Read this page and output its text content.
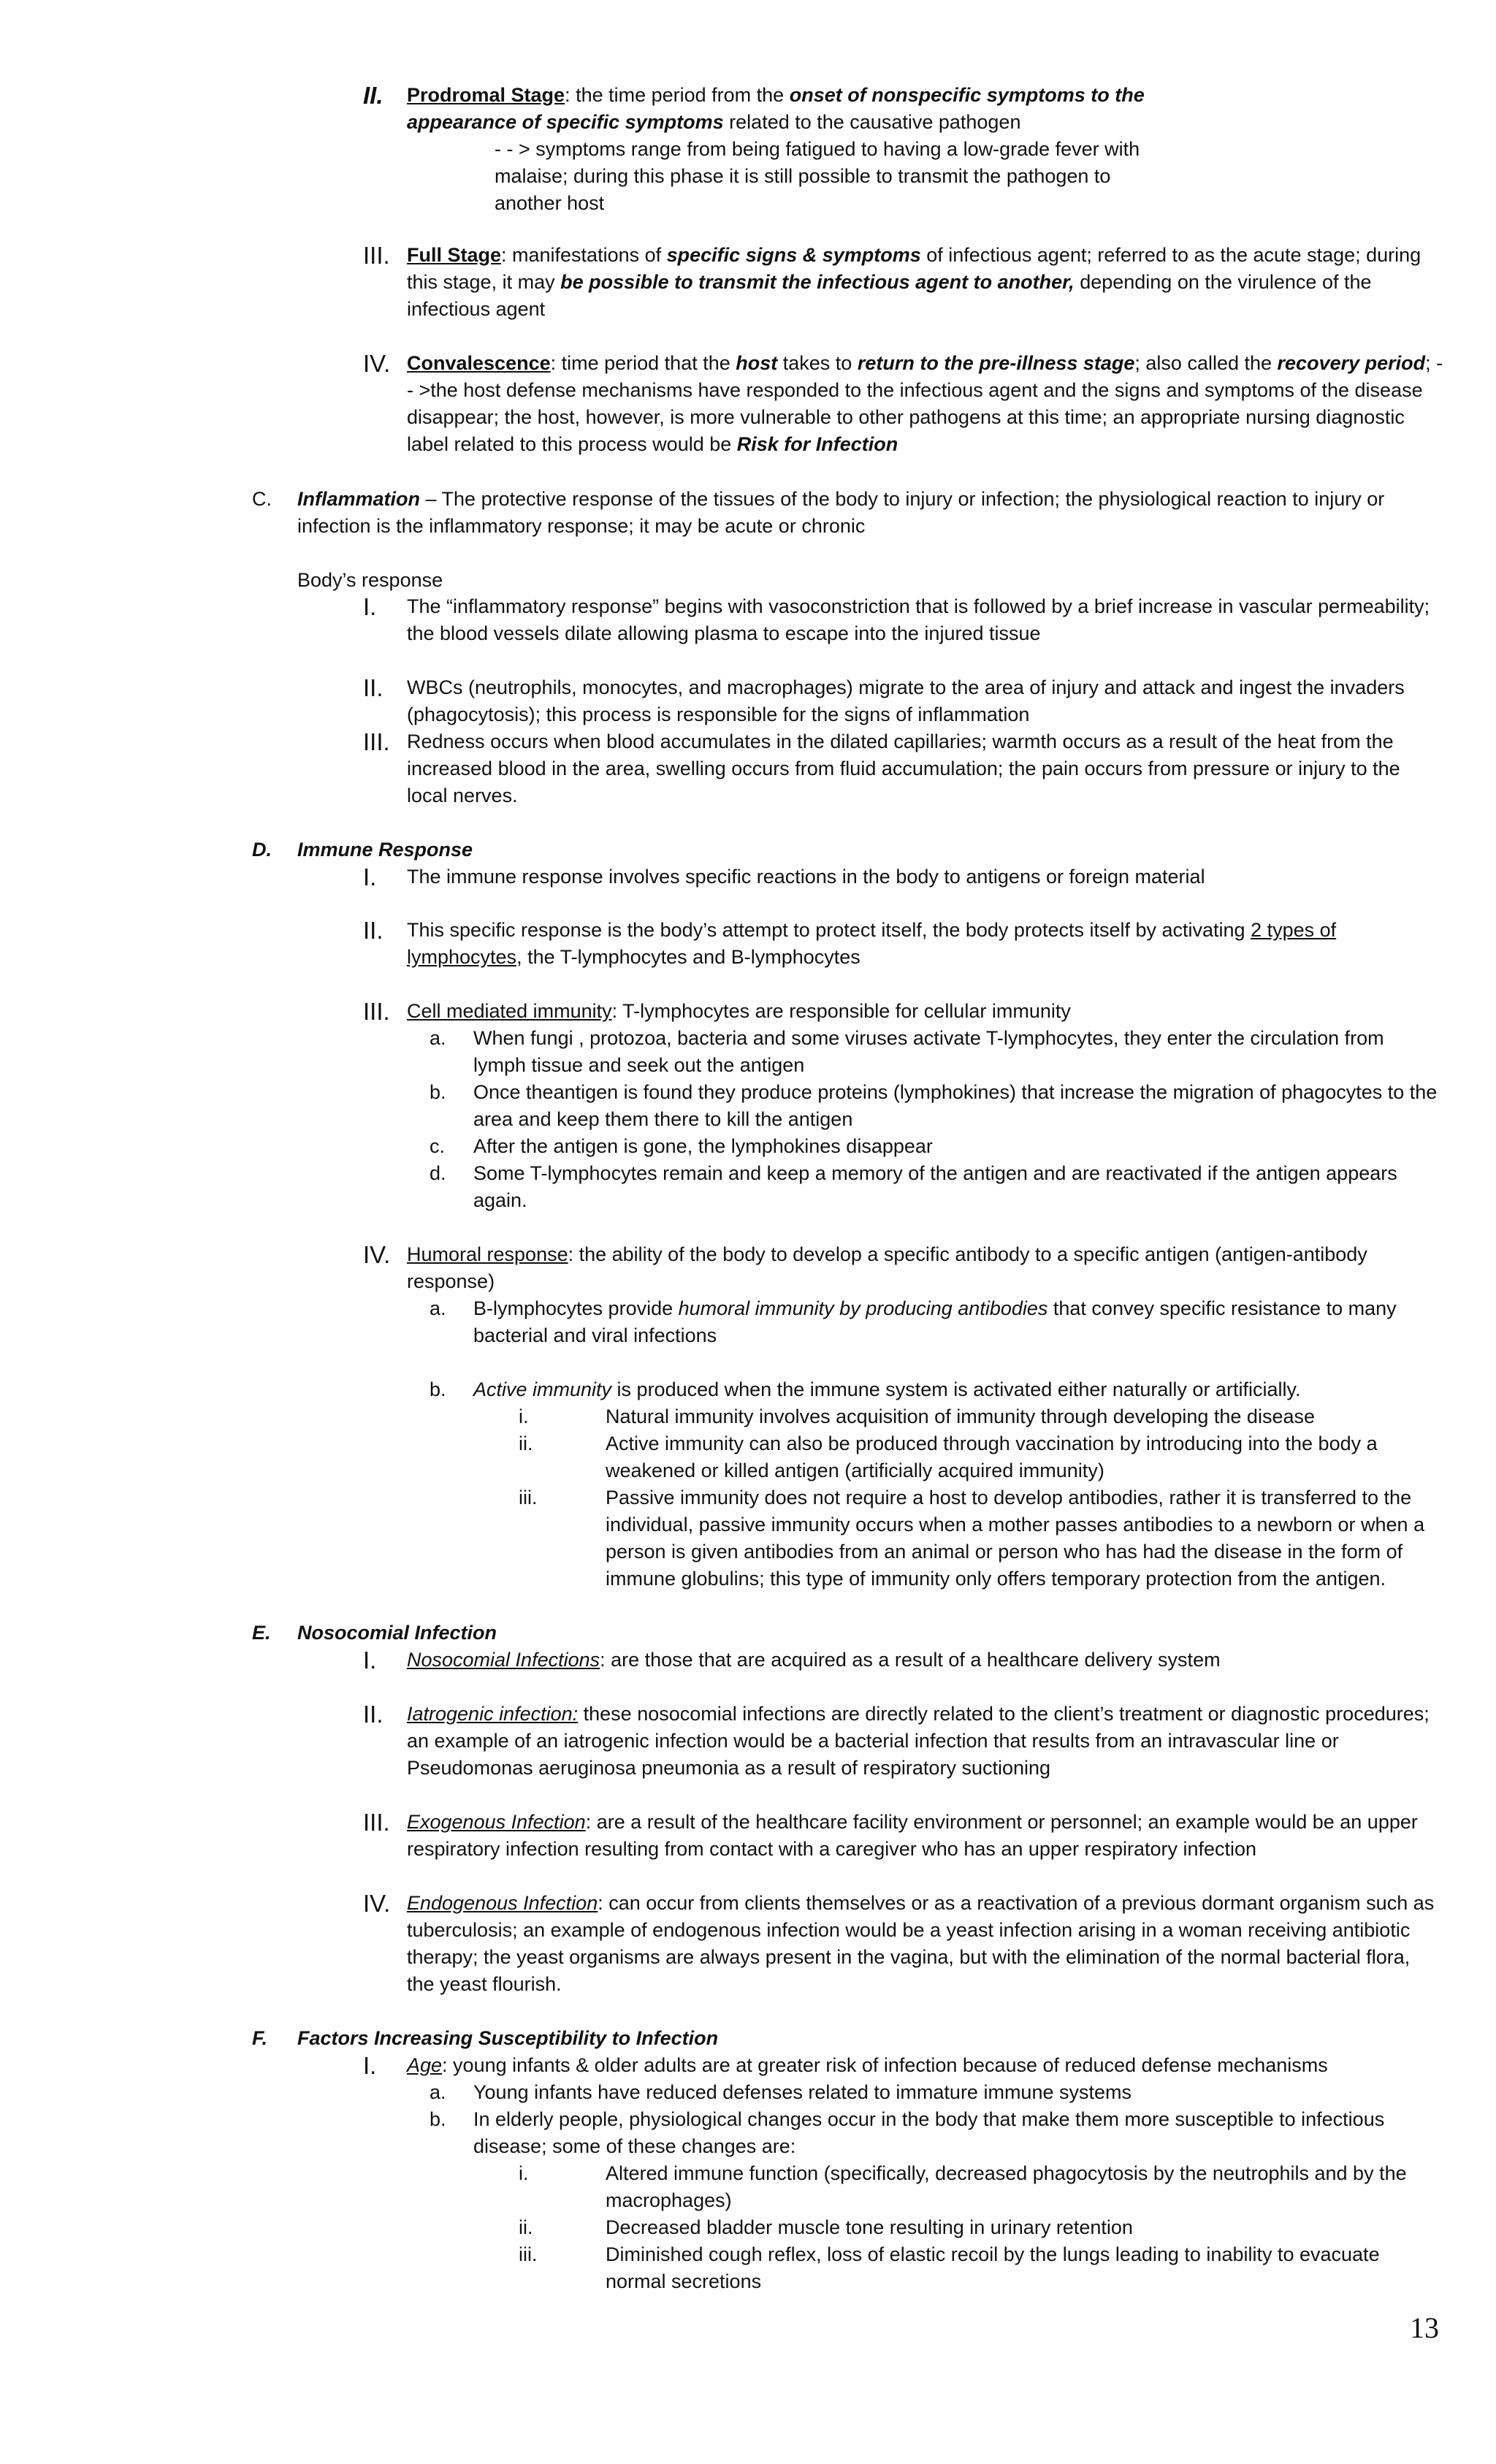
II. Prodromal Stage: the time period from the onset of nonspecific symptoms to the appearance of specific symptoms related to the causative pathogen
- - > symptoms range from being fatigued to having a low-grade fever with malaise; during this phase it is still possible to transmit the pathogen to another host
III. Full Stage: manifestations of specific signs & symptoms of infectious agent; referred to as the acute stage; during this stage, it may be possible to transmit the infectious agent to another, depending on the virulence of the infectious agent
IV. Convalescence: time period that the host takes to return to the pre-illness stage; also called the recovery period; - - >the host defense mechanisms have responded to the infectious agent and the signs and symptoms of the disease disappear; the host, however, is more vulnerable to other pathogens at this time; an appropriate nursing diagnostic label related to this process would be Risk for Infection
C. Inflammation – The protective response of the tissues of the body to injury or infection; the physiological reaction to injury or infection is the inflammatory response; it may be acute or chronic
Body’s response
I. The “inflammatory response” begins with vasoconstriction that is followed by a brief increase in vascular permeability; the blood vessels dilate allowing plasma to escape into the injured tissue
II. WBCs (neutrophils, monocytes, and macrophages) migrate to the area of injury and attack and ingest the invaders (phagocytosis); this process is responsible for the signs of inflammation
III. Redness occurs when blood accumulates in the dilated capillaries; warmth occurs as a result of the heat from the increased blood in the area, swelling occurs from fluid accumulation; the pain occurs from pressure or injury to the local nerves.
D. Immune Response
I. The immune response involves specific reactions in the body to antigens or foreign material
II. This specific response is the body’s attempt to protect itself, the body protects itself by activating 2 types of lymphocytes, the T-lymphocytes and B-lymphocytes
III. Cell mediated immunity: T-lymphocytes are responsible for cellular immunity
a. When fungi , protozoa, bacteria and some viruses activate T-lymphocytes, they enter the circulation from lymph tissue and seek out the antigen
b. Once theantigen is found they produce proteins (lymphokines) that increase the migration of phagocytes to the area and keep them there to kill the antigen
c. After the antigen is gone, the lymphokines disappear
d. Some T-lymphocytes remain and keep a memory of the antigen and are reactivated if the antigen appears again.
IV. Humoral response: the ability of the body to develop a specific antibody to a specific antigen (antigen-antibody response)
a. B-lymphocytes provide humoral immunity by producing antibodies that convey specific resistance to many bacterial and viral infections
b. Active immunity is produced when the immune system is activated either naturally or artificially.
i.	Natural immunity involves acquisition of immunity through developing the disease
ii.	Active immunity can also be produced through vaccination by introducing into the body a weakened or killed antigen (artificially acquired immunity)
iii.	Passive immunity does not require a host to develop antibodies, rather it is transferred to the individual, passive immunity occurs when a mother passes antibodies to a newborn or when a person is given antibodies from an animal or person who has had the disease in the form of immune globulins; this type of immunity only offers temporary protection from the antigen.
E. Nosocomial Infection
I. Nosocomial Infections: are those that are acquired as a result of a healthcare delivery system
II. Iatrogenic infection: these nosocomial infections are directly related to the client’s treatment or diagnostic procedures; an example of an iatrogenic infection would be a bacterial infection that results from an intravascular line or Pseudomonas aeruginosa pneumonia as a result of respiratory suctioning
III. Exogenous Infection: are a result of the healthcare facility environment or personnel; an example would be an upper respiratory infection resulting from contact with a caregiver who has an upper respiratory infection
IV. Endogenous Infection: can occur from clients themselves or as a reactivation of a previous dormant organism such as tuberculosis; an example of endogenous infection would be a yeast infection arising in a woman receiving antibiotic therapy; the yeast organisms are always present in the vagina, but with the elimination of the normal bacterial flora, the yeast flourish.
F. Factors Increasing Susceptibility to Infection
I. Age: young infants & older adults are at greater risk of infection because of reduced defense mechanisms
a. Young infants have reduced defenses related to immature immune systems
b. In elderly people, physiological changes occur in the body that make them more susceptible to infectious disease; some of these changes are:
i.	Altered immune function (specifically, decreased phagocytosis by the neutrophils and by the macrophages)
ii.	Decreased bladder muscle tone resulting in urinary retention
iii.	Diminished cough reflex, loss of elastic recoil by the lungs leading to inability to evacuate normal secretions
13
